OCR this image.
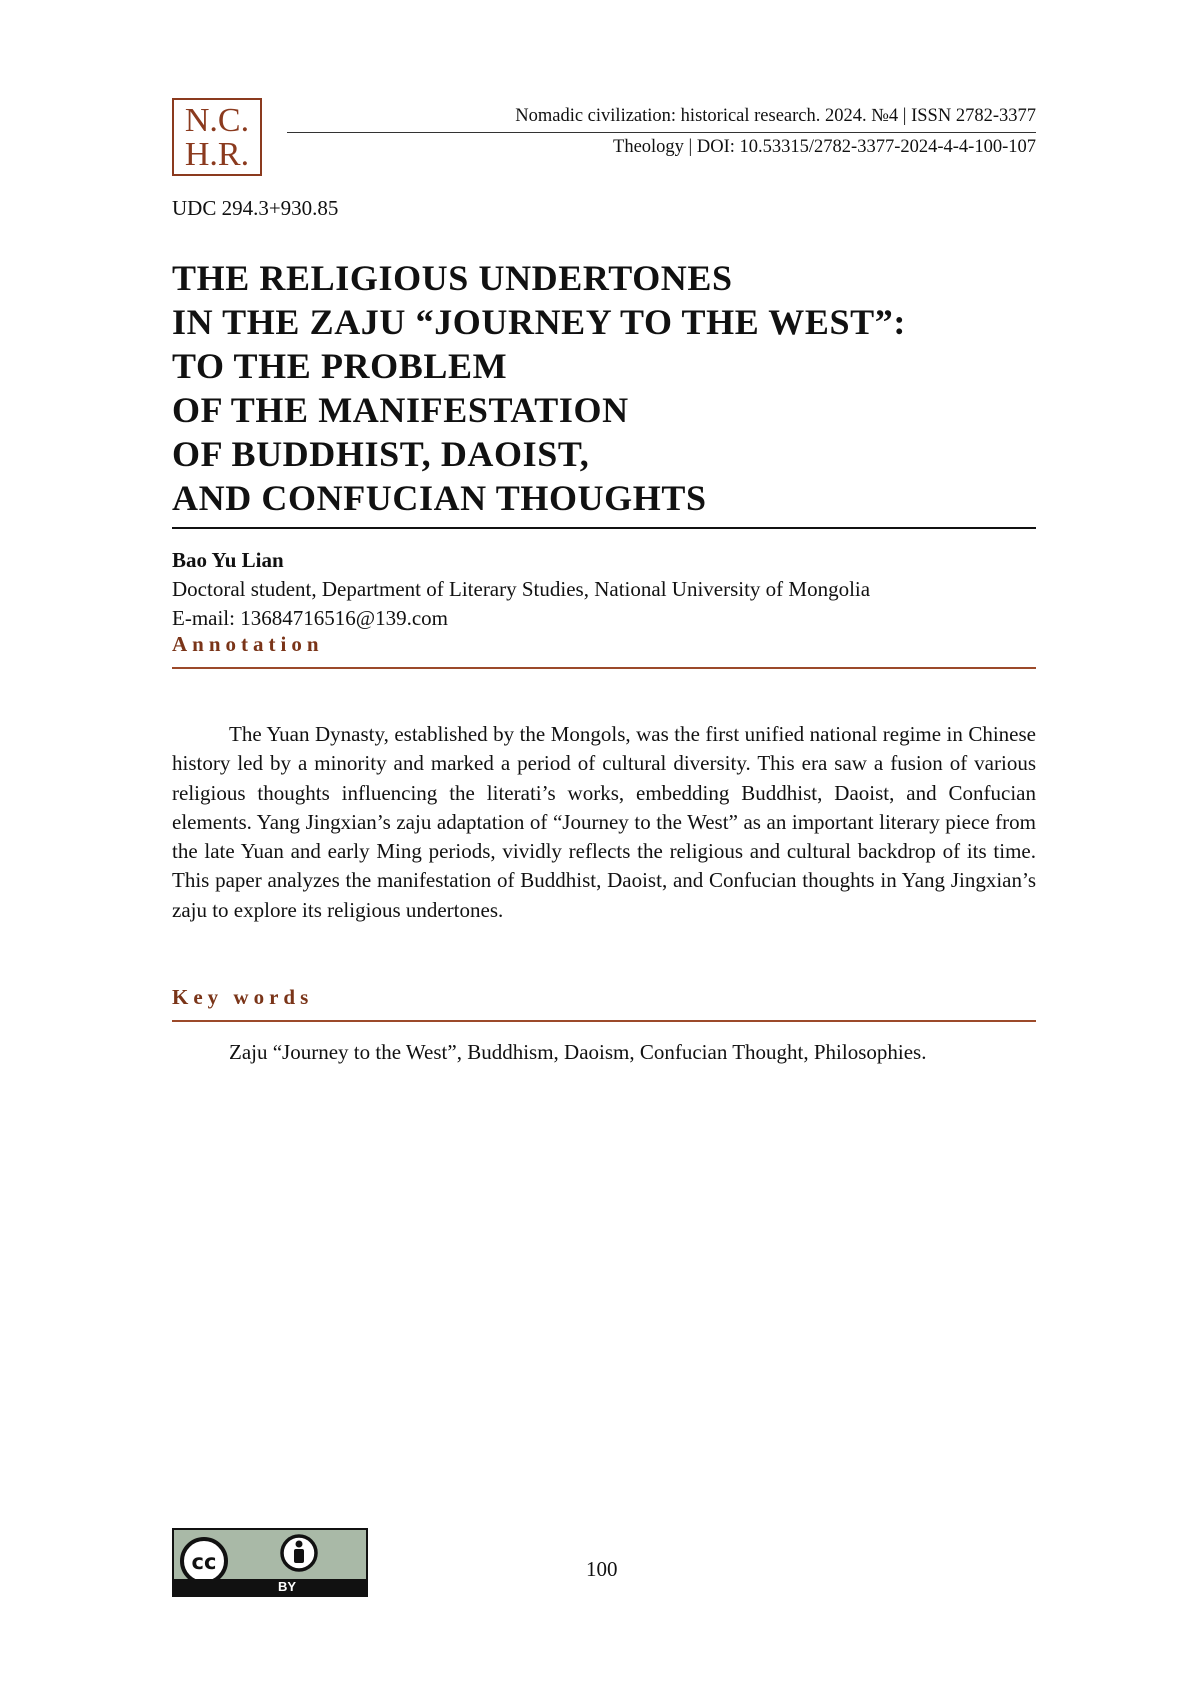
N.C.
H.R.
Nomadic civilization: historical research. 2024. №4 | ISSN 2782-3377
Theology | DOI: 10.53315/2782-3377-2024-4-4-100-107
UDC 294.3+930.85
THE RELIGIOUS UNDERTONES
IN THE ZAJU “JOURNEY TO THE WEST”:
TO THE PROBLEM
OF THE MANIFESTATION
OF BUDDHIST, DAOIST,
AND CONFUCIAN THOUGHTS
Bao Yu Lian
Doctoral student, Department of Literary Studies, National University of Mongolia
E-mail: 13684716516@139.com
Annotation

The Yuan Dynasty, established by the Mongols, was the first unified national regime in Chinese history led by a minority and marked a period of cultural diversity. This era saw a fusion of various religious thoughts influencing the literati’s works, embedding Buddhist, Daoist, and Confucian elements. Yang Jingxian’s zaju adaptation of “Journey to the West” as an important literary piece from the late Yuan and early Ming periods, vividly reflects the religious and cultural backdrop of its time. This paper analyzes the manifestation of Buddhist, Daoist, and Confucian thoughts in Yang Jingxian’s zaju to explore its religious undertones.

Key words

Zaju “Journey to the West”, Buddhism, Daoism, Confucian Thought, Philosophies.

cc
BY
100
